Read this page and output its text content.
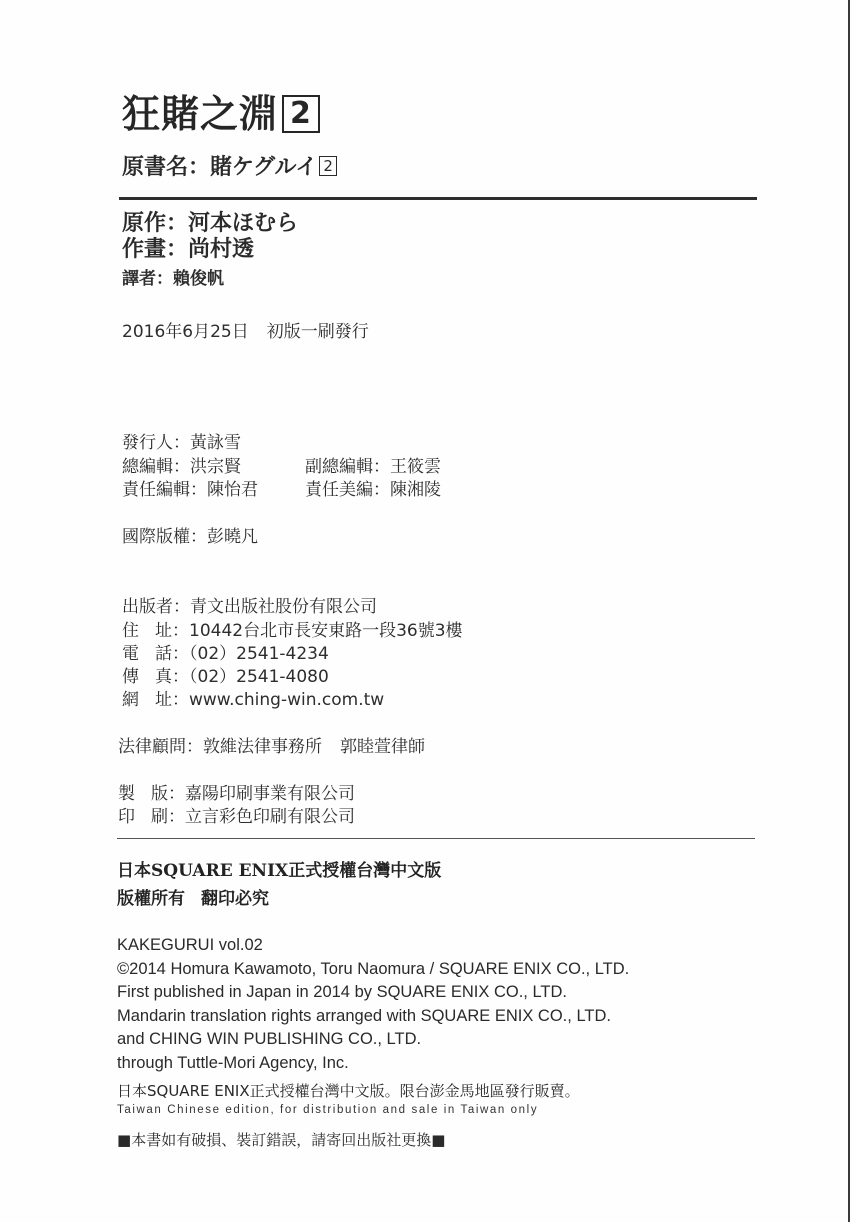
狂賭之淵 2
原書名：賭ケグルイ 2
原作：河本ほむら
作畫：尚村透
譯者：賴俊帆
2016年6月25日 初版一刷發行
發行人：黃詠雪
總編輯：洪宗賢	副總編輯：王筱雲
責任編輯：陳怡君	責任美編：陳湘陵
國際版權：彭曉凡
出版者：青文出版社股份有限公司
住 址：10442台北市長安東路一段36號3樓
電 話：（02）2541-4234
傳 真：（02）2541-4080
網 址：www.ching-win.com.tw
法律顧問：敦維法律事務所 郭睦萱律師
製 版：嘉陽印刷事業有限公司
印 刷：立言彩色印刷有限公司
日本SQUARE ENIX正式授權台灣中文版
版權所有 翻印必究
KAKEGURUI vol.02
©2014 Homura Kawamoto, Toru Naomura / SQUARE ENIX CO., LTD.
First published in Japan in 2014 by SQUARE ENIX CO., LTD.
Mandarin translation rights arranged with SQUARE ENIX CO., LTD.
and CHING WIN PUBLISHING CO., LTD.
through Tuttle-Mori Agency, Inc.
日本SQUARE ENIX正式授權台灣中文版。限台澎金馬地區發行販賣。
Taiwan Chinese edition, for distribution and sale in Taiwan only
■本書如有破損、裝訂錯誤，請寄回出版社更換■
